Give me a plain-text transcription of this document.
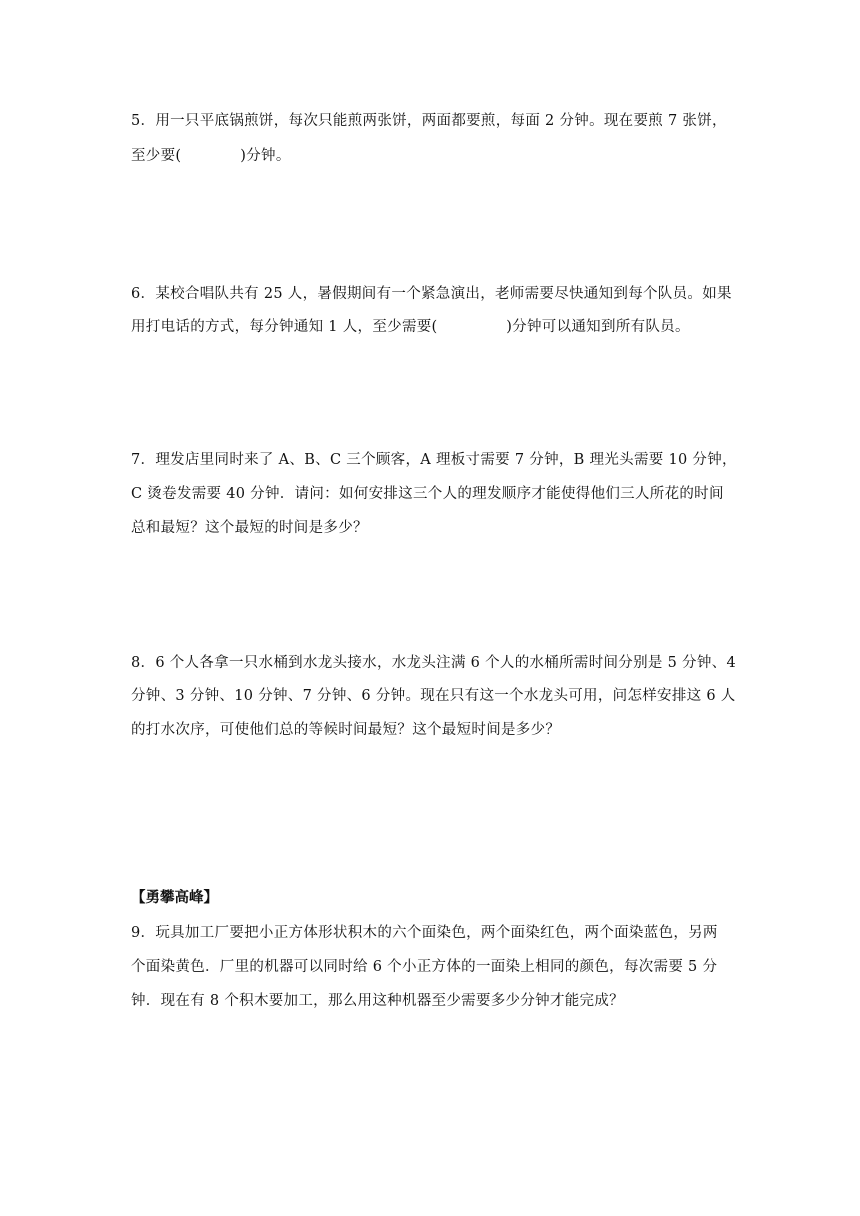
5．用一只平底锅煎饼，每次只能煎两张饼，两面都要煎，每面 2 分钟。现在要煎 7 张饼，
至少要(            )分钟。
6．某校合唱队共有 25 人，暑假期间有一个紧急演出，老师需要尽快通知到每个队员。如果
用打电话的方式，每分钟通知 1 人，至少需要(              )分钟可以通知到所有队员。
7．理发店里同时来了 A、B、C 三个顾客，A 理板寸需要 7 分钟，B 理光头需要 10 分钟，
C 烫卷发需要 40 分钟．请问：如何安排这三个人的理发顺序才能使得他们三人所花的时间
总和最短？这个最短的时间是多少？
8．6 个人各拿一只水桶到水龙头接水，水龙头注满 6 个人的水桶所需时间分别是 5 分钟、4
分钟、3 分钟、10 分钟、7 分钟、6 分钟。现在只有这一个水龙头可用，问怎样安排这 6 人
的打水次序，可使他们总的等候时间最短？这个最短时间是多少？
【勇攀高峰】
9．玩具加工厂要把小正方体形状积木的六个面染色，两个面染红色，两个面染蓝色，另两
个面染黄色．厂里的机器可以同时给 6 个小正方体的一面染上相同的颜色，每次需要 5 分
钟．现在有 8 个积木要加工，那么用这种机器至少需要多少分钟才能完成？
